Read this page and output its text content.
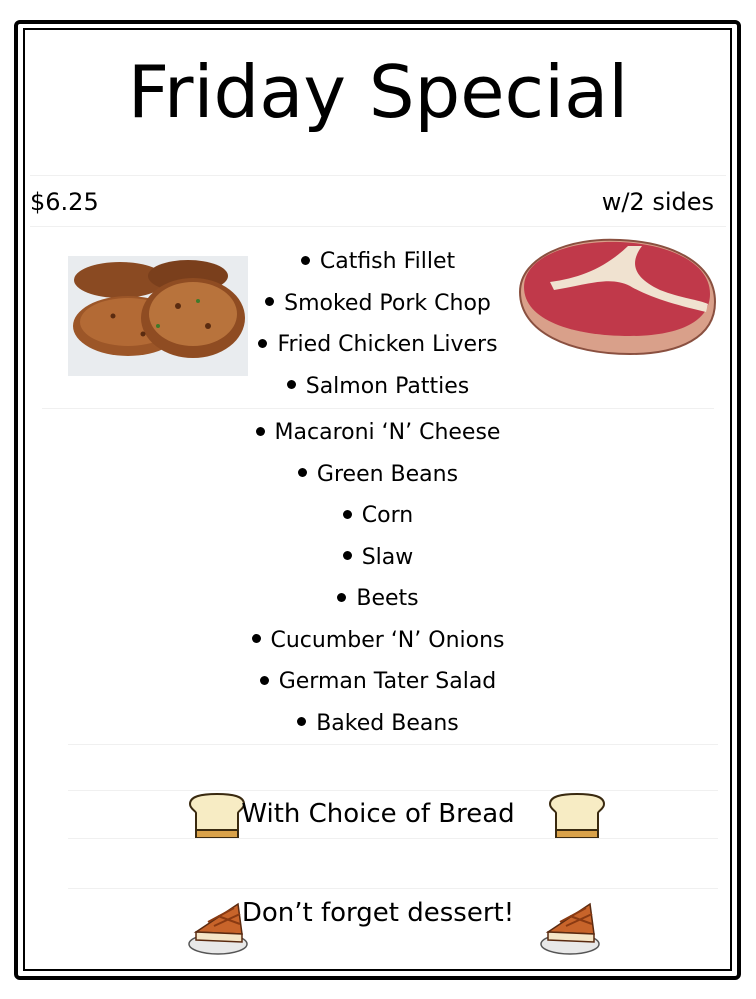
Friday Special
$6.25	w/2 sides
Catfish Fillet
Smoked Pork Chop
Fried Chicken Livers
Salmon Patties
Macaroni ‘N’ Cheese
Green Beans
Corn
Slaw
Beets
Cucumber ‘N’ Onions
German Tater Salad
Baked Beans
With Choice of Bread
Don’t forget dessert!
